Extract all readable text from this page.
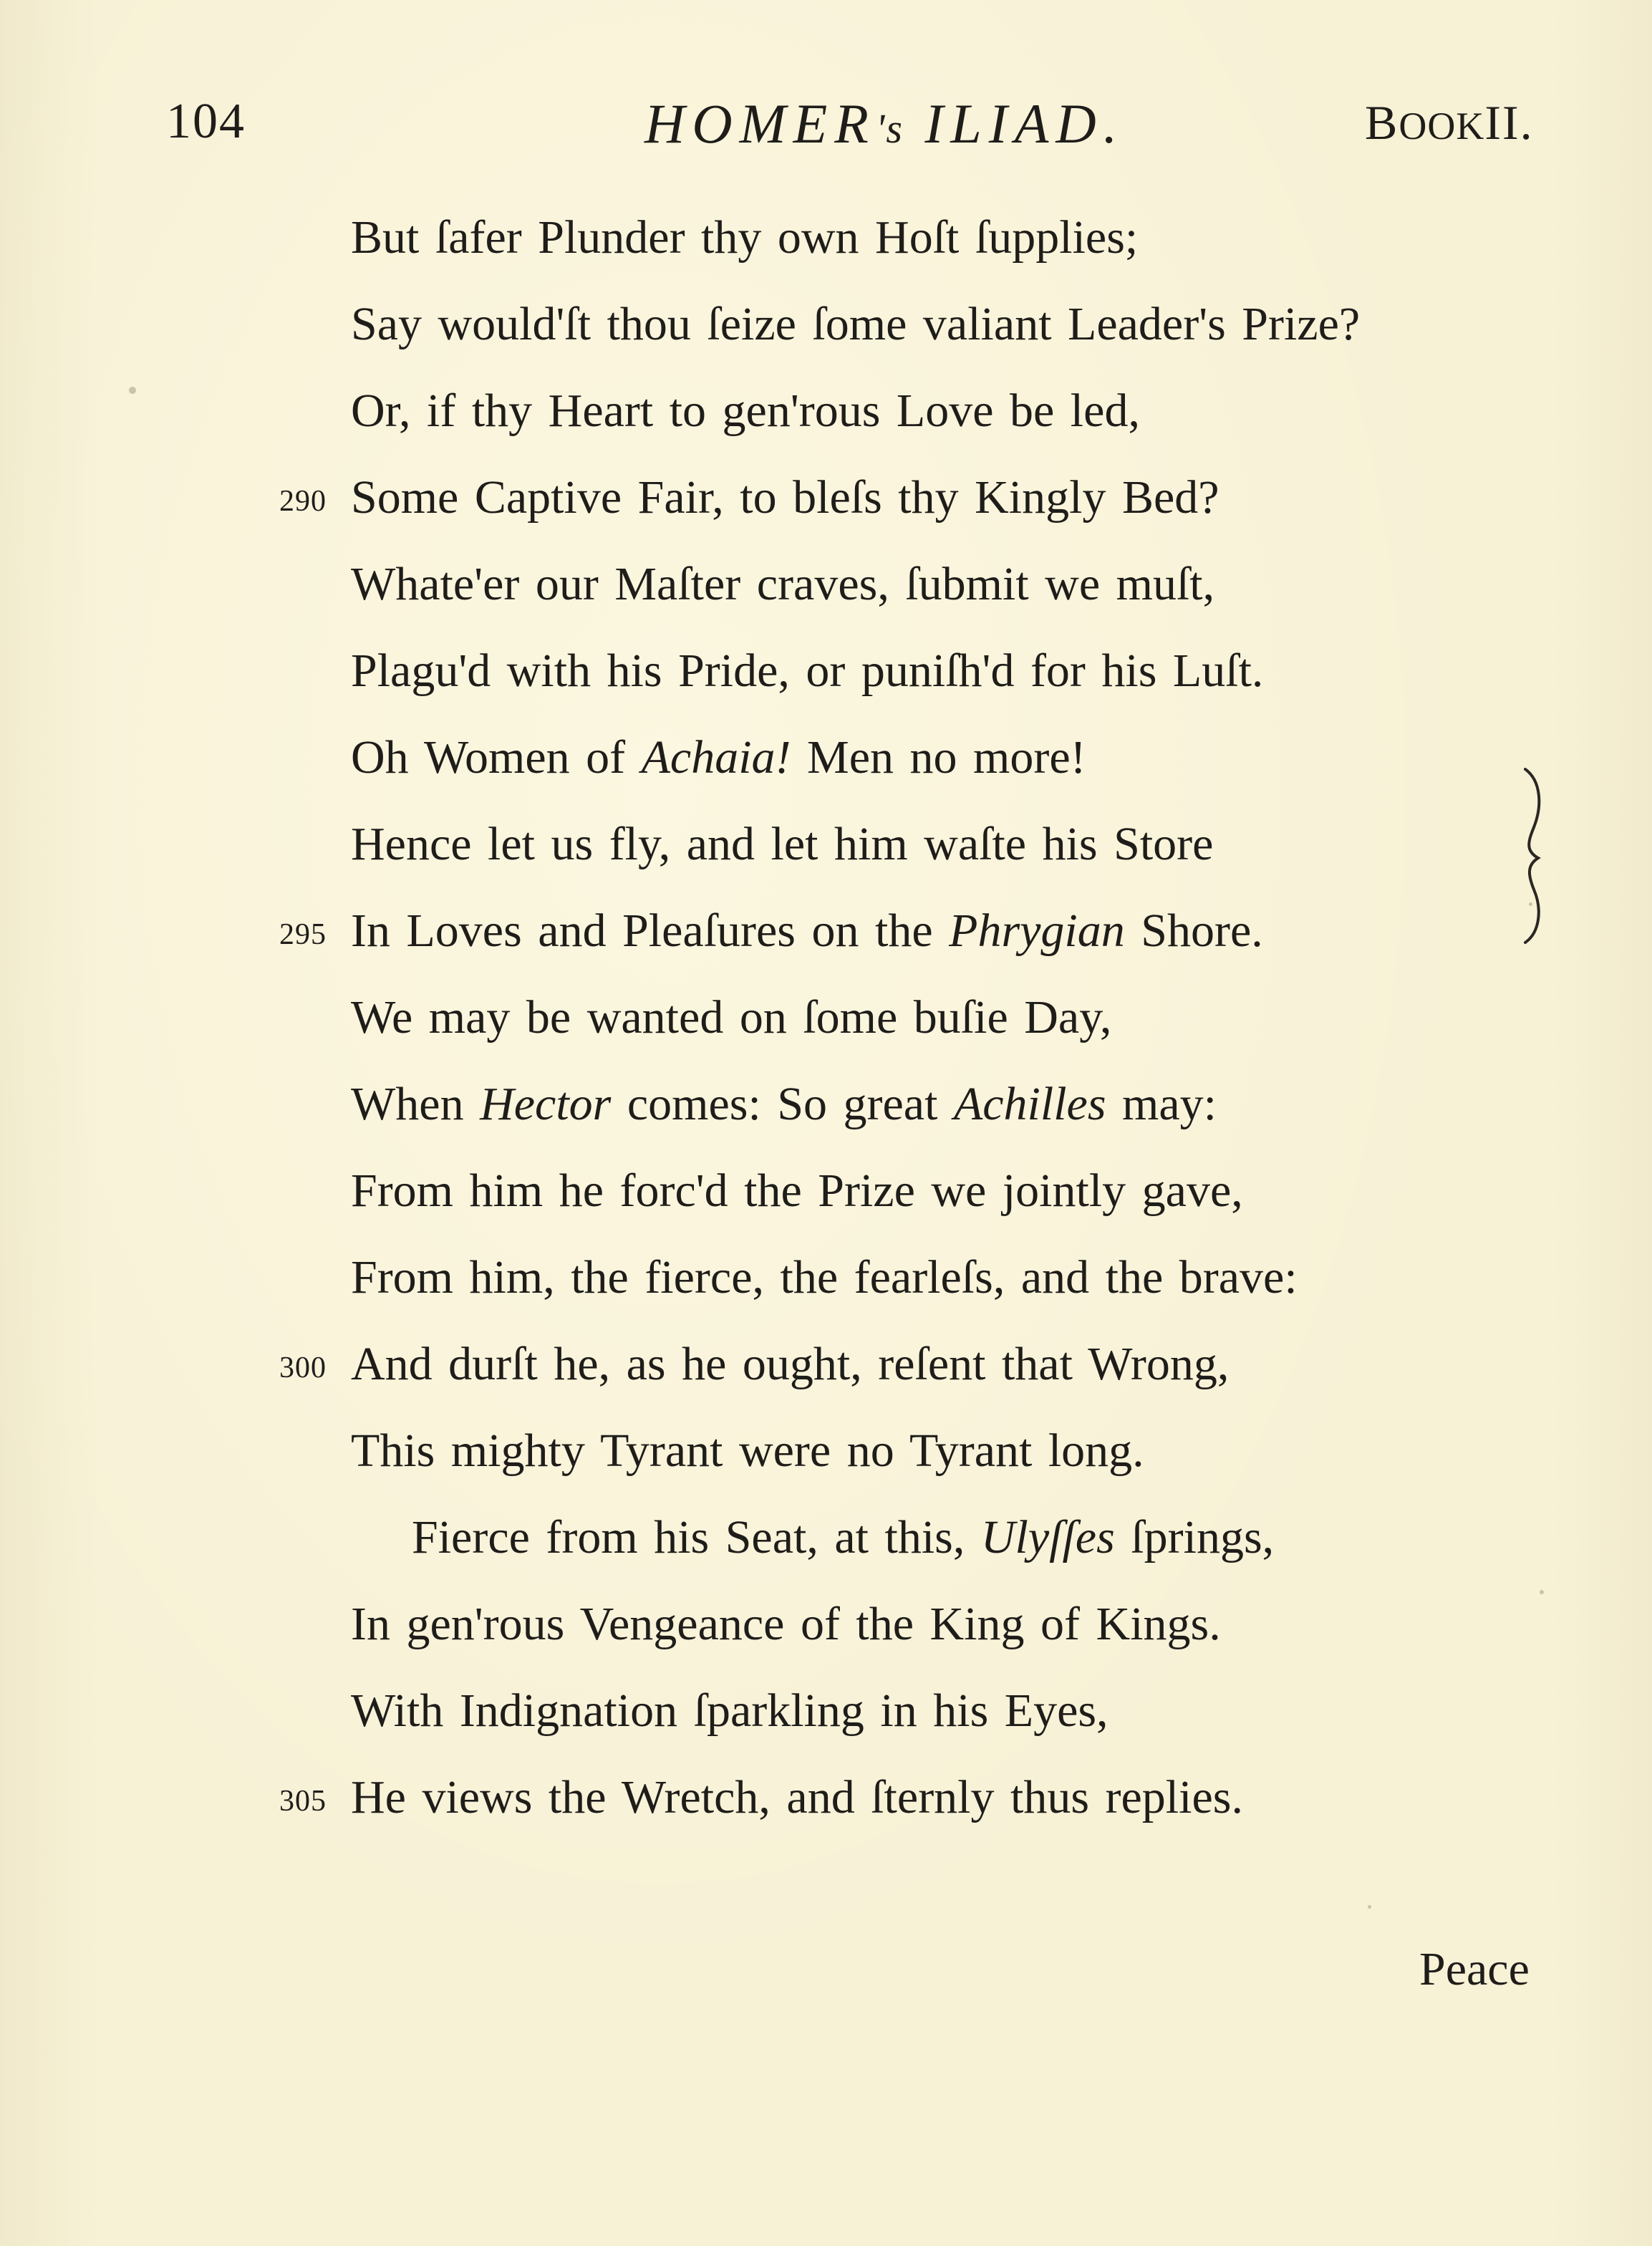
104	HOMER's ILIAD.	BOOKII.
But ſafer Plunder thy own Hoſt ſupplies;
Say would'ſt thou ſeize ſome valiant Leader's Prize?
Or, if thy Heart to gen'rous Love be led,
290 Some Captive Fair, to bleſs thy Kingly Bed?
Whate'er our Maſter craves, ſubmit we muſt,
Plagu'd with his Pride, or puniſh'd for his Luſt.
Oh Women of Achaia! Men no more!
Hence let us fly, and let him waſte his Store
295 In Loves and Pleaſures on the Phrygian Shore.
We may be wanted on ſome buſie Day,
When Hector comes: So great Achilles may:
From him he forc'd the Prize we jointly gave,
From him, the fierce, the fearleſs, and the brave:
300 And durſt he, as he ought, reſent that Wrong,
This mighty Tyrant were no Tyrant long.
Fierce from his Seat, at this, Ulyſſes ſprings,
In gen'rous Vengeance of the King of Kings.
With Indignation ſparkling in his Eyes,
305 He views the Wretch, and ſternly thus replies.
Peace
